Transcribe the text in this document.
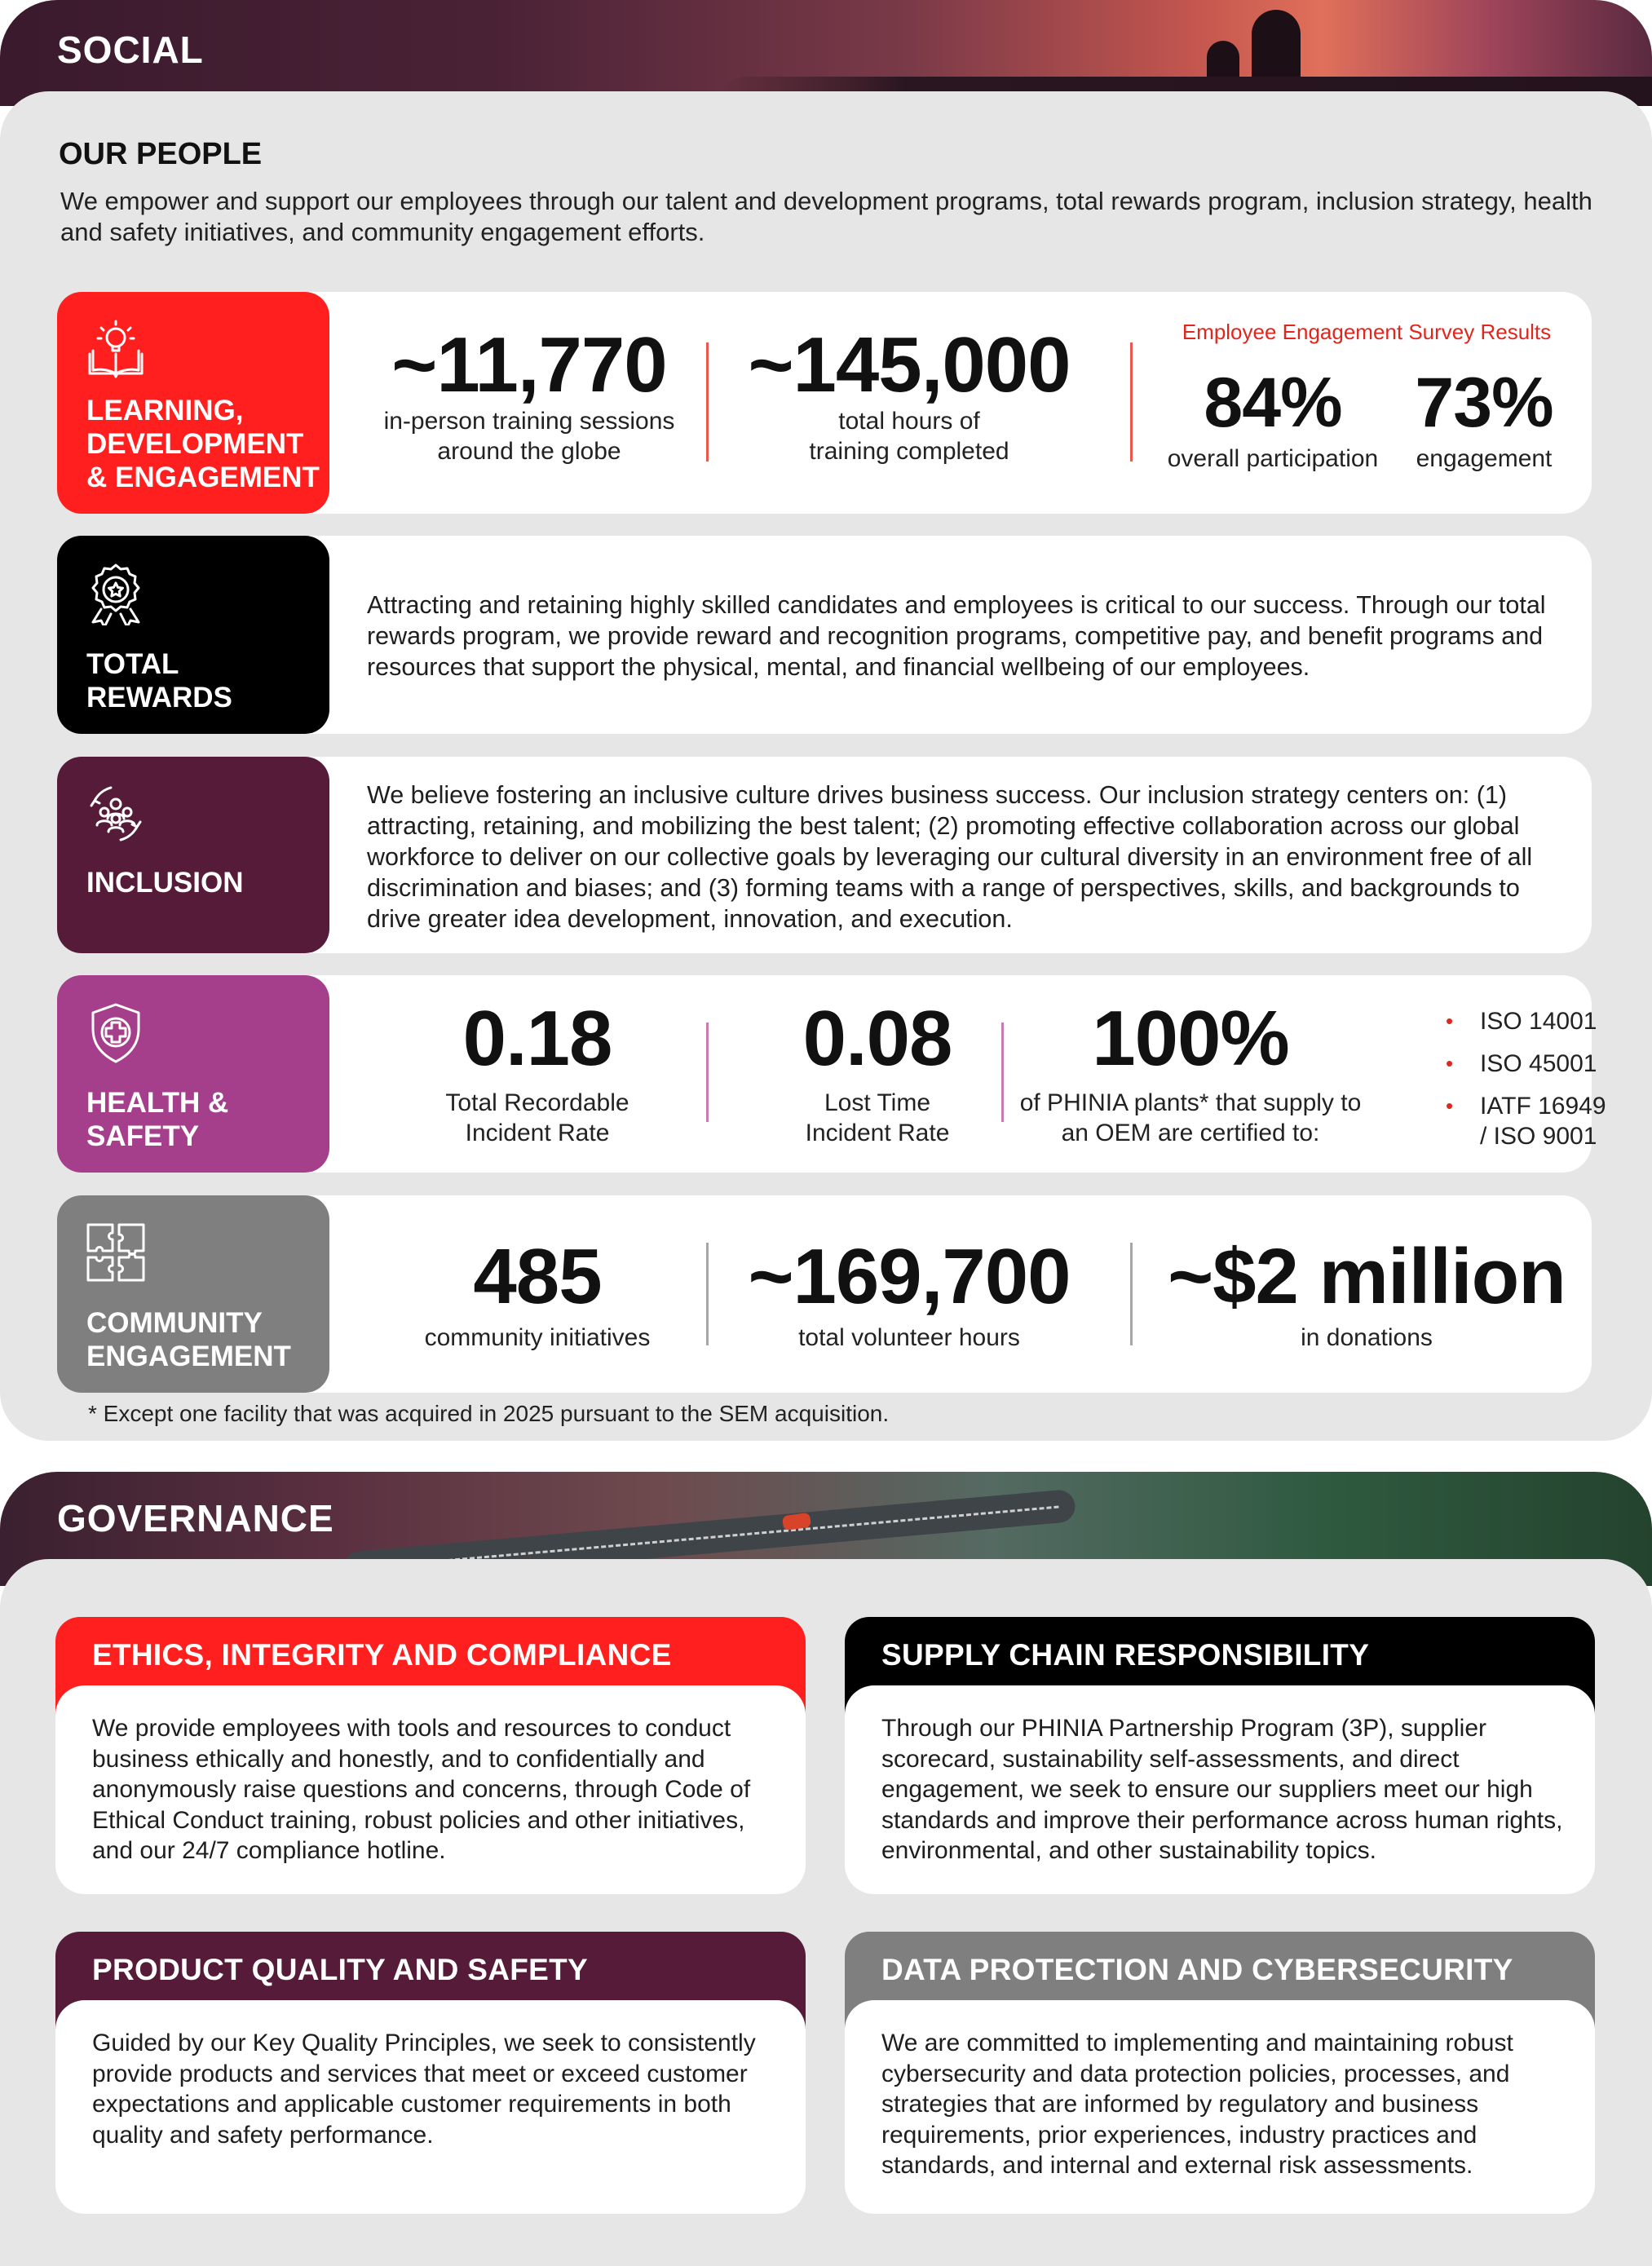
SOCIAL
OUR PEOPLE
We empower and support our employees through our talent and development programs, total rewards program, inclusion strategy, health and safety initiatives, and community engagement efforts.
LEARNING, DEVELOPMENT & ENGAGEMENT
~11,770
in-person training sessions around the globe
~145,000
total hours of training completed
Employee Engagement Survey Results
84%
overall participation
73%
engagement
TOTAL REWARDS
Attracting and retaining highly skilled candidates and employees is critical to our success. Through our total rewards program, we provide reward and recognition programs, competitive pay, and benefit programs and resources that support the physical, mental, and financial wellbeing of our employees.
INCLUSION
We believe fostering an inclusive culture drives business success. Our inclusion strategy centers on: (1) attracting, retaining, and mobilizing the best talent; (2) promoting effective collaboration across our global workforce to deliver on our collective goals by leveraging our cultural diversity in an environment free of all discrimination and biases; and (3) forming teams with a range of perspectives, skills, and backgrounds to drive greater idea development, innovation, and execution.
HEALTH & SAFETY
0.18
Total Recordable Incident Rate
0.08
Lost Time Incident Rate
100%
of PHINIA plants* that supply to an OEM are certified to:
• ISO 14001
• ISO 45001
• IATF 16949 / ISO 9001
COMMUNITY ENGAGEMENT
485
community initiatives
~169,700
total volunteer hours
~$2 million
in donations
* Except one facility that was acquired in 2025 pursuant to the SEM acquisition.
GOVERNANCE
ETHICS, INTEGRITY AND COMPLIANCE
We provide employees with tools and resources to conduct business ethically and honestly, and to confidentially and anonymously raise questions and concerns, through Code of Ethical Conduct training, robust policies and other initiatives, and our 24/7 compliance hotline.
SUPPLY CHAIN RESPONSIBILITY
Through our PHINIA Partnership Program (3P), supplier scorecard, sustainability self-assessments, and direct engagement, we seek to ensure our suppliers meet our high standards and improve their performance across human rights, environmental, and other sustainability topics.
PRODUCT QUALITY AND SAFETY
Guided by our Key Quality Principles, we seek to consistently provide products and services that meet or exceed customer expectations and applicable customer requirements in both quality and safety performance.
DATA PROTECTION AND CYBERSECURITY
We are committed to implementing and maintaining robust cybersecurity and data protection policies, processes, and strategies that are informed by regulatory and business requirements, prior experiences, industry practices and standards, and internal and external risk assessments.
